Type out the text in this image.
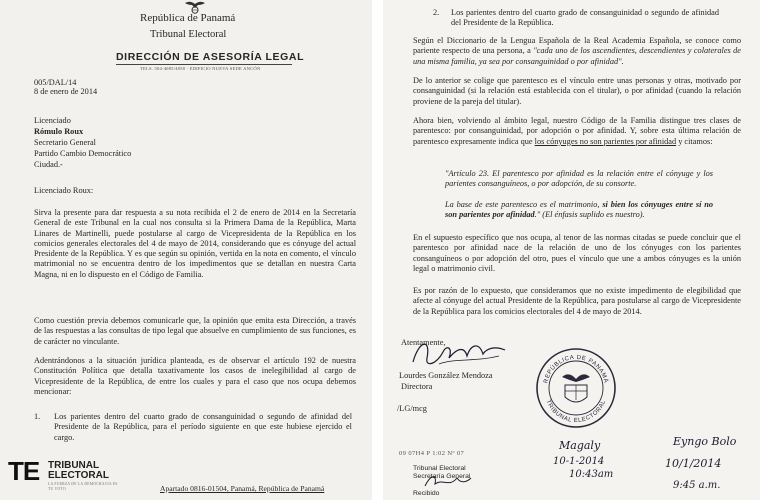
República de Panamá
Tribunal Electoral
DIRECCIÓN DE ASESORÍA LEGAL
TELS. 504-4085/4858 · EDIFICIO NUEVA SEDE ANCÓN
005/DAL/14
8 de enero de 2014
Licenciado
Rómulo Roux
Secretario General
Partido Cambio Democrático
Ciudad.-
Licenciado Roux:
Sirva la presente para dar respuesta a su nota recibida el 2 de enero de 2014 en la Secretaría General de este Tribunal en la cual nos consulta si la Primera Dama de la República, Marta Linares de Martinelli, puede postularse al cargo de Vicepresidenta de la República en los comicios generales electorales del 4 de mayo de 2014, considerando que es cónyuge del actual Presidente de la República. Y es que según su opinión, vertida en la nota en comento, el vínculo matrimonial no se encuentra dentro de los impedimentos que se detallan en nuestra Carta Magna, ni en lo dispuesto en el Código de Familia.
Como cuestión previa debemos comunicarle que, la opinión que emita esta Dirección, a través de las respuestas a las consultas de tipo legal que absuelve en cumplimiento de sus funciones, es de carácter no vinculante.
Adentrándonos a la situación jurídica planteada, es de observar el artículo 192 de nuestra Constitución Política que detalla taxativamente los casos de inelegibilidad al cargo de Vicepresidente de la República, de entre los cuales y para el caso que nos ocupa debemos mencionar:
1. Los parientes dentro del cuarto grado de consanguinidad o segundo de afinidad del Presidente de la República, para el período siguiente en que este hubiese ejercido el cargo.
TE TRIBUNAL
ELECTORAL
LA FUERZA DE LA DEMOCRACIA ES TU VOTO	Apartado 0816-01504, Panamá, República de Panamá
2. Los parientes dentro del cuarto grado de consanguinidad o segundo de afinidad del Presidente de la República.
Según el Diccionario de la Lengua Española de la Real Academia Española, se conoce como pariente respecto de una persona, a "cada uno de los ascendientes, descendientes y colaterales de una misma familia, ya sea por consanguinidad o por afinidad".
De lo anterior se colige que parentesco es el vínculo entre unas personas y otras, motivado por consanguinidad (si la relación está establecida con el titular), o por afinidad (cuando la relación proviene de la pareja del titular).
Ahora bien, volviendo al ámbito legal, nuestro Código de la Familia distingue tres clases de parentesco: por consanguinidad, por adopción o por afinidad. Y, sobre esta última relación de parentesco expresamente indica que los cónyuges no son parientes por afinidad y citamos:
"Artículo 23. El parentesco por afinidad es la relación entre el cónyuge y los parientes consanguíneos, o por adopción, de su consorte.
La base de este parentesco es el matrimonio, si bien los cónyuges entre sí no son parientes por afinidad." (El énfasis suplido es nuestro).
En el supuesto específico que nos ocupa, al tenor de las normas citadas se puede concluir que el parentesco por afinidad nace de la relación de uno de los cónyuges con los parientes consanguíneos o por adopción del otro, pues el vínculo que une a ambos cónyuges es la unión legal o matrimonio civil.
Es por razón de lo expuesto, que consideramos que no existe impedimento de elegibilidad que afecte al cónyuge del actual Presidente de la República, para postularse al cargo de Vicepresidente de la República para los comicios electorales del 4 de mayo de 2014.
Atentamente,
Lourdes González Mendoza
Directora
REPÚBLICA DE PANAMÁ
TRIBUNAL ELECTORAL
/LG/mcg
09 07H4 P 1:02 Nº 07
Tribunal Electoral
Secretaría General
Recibido
Magaly
10-1-2014
10:43am
Eyngo Bolo
10/1/2014
9:45 a.m.
